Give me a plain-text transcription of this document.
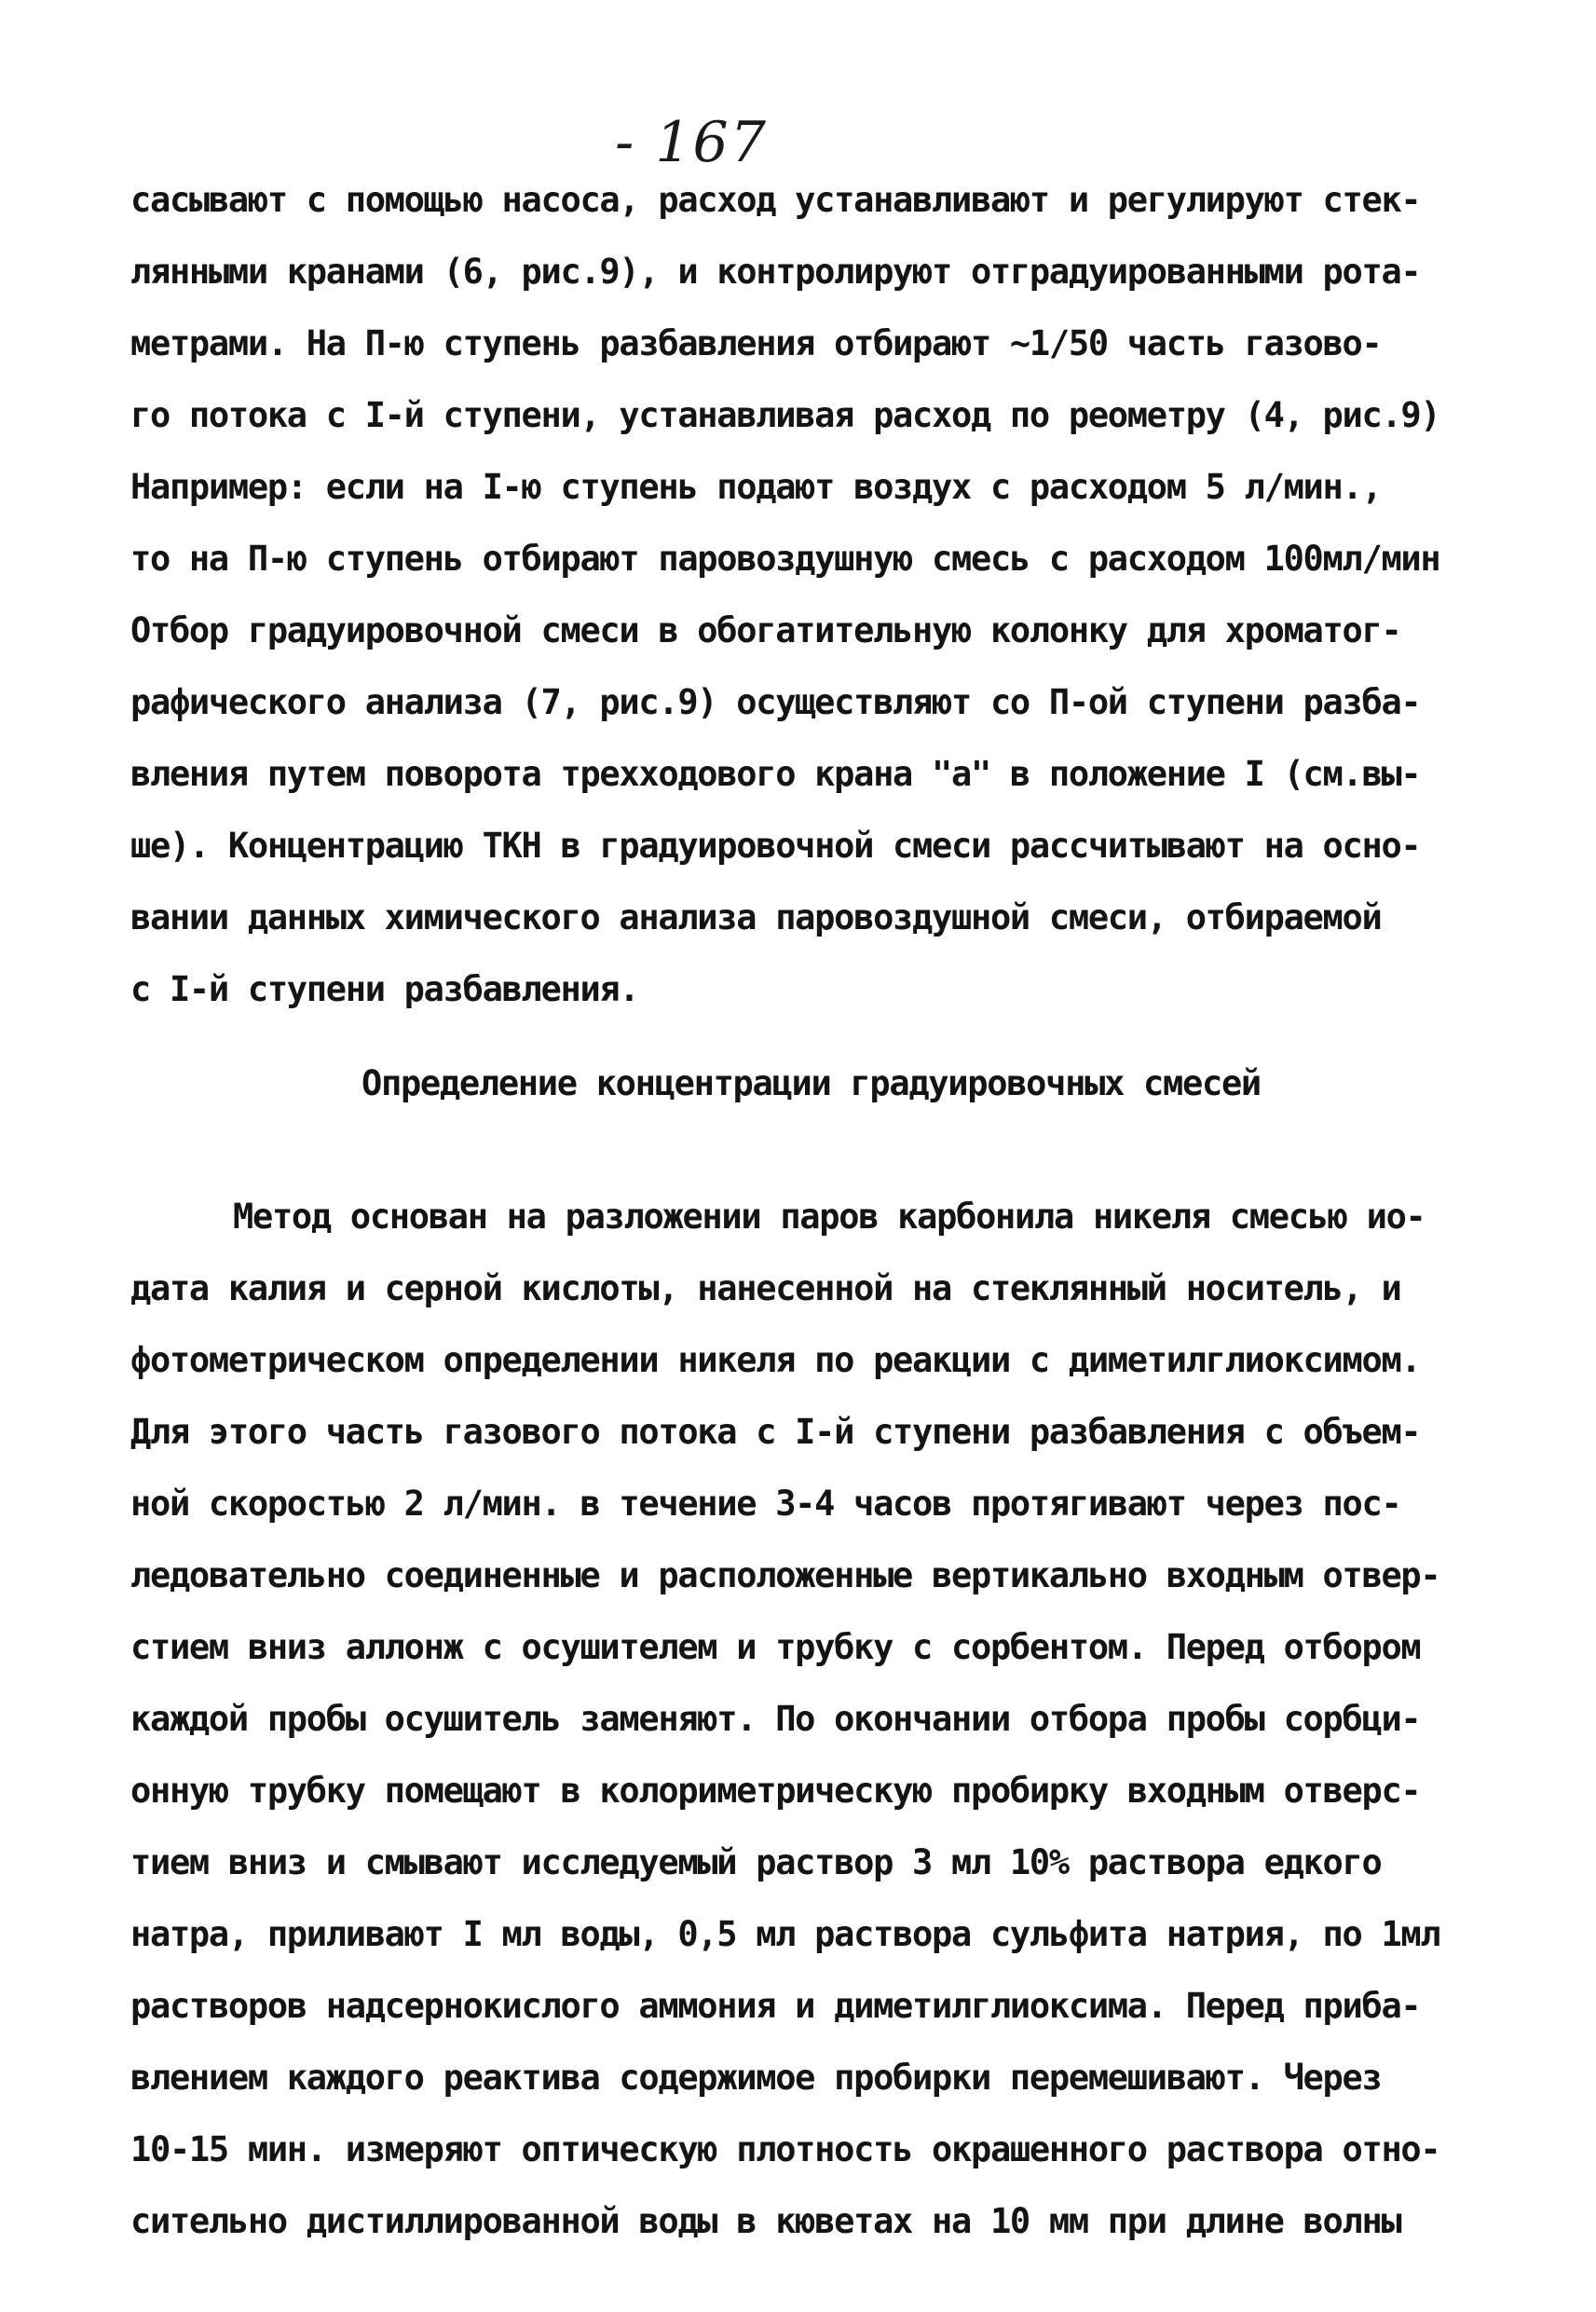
- 167
сасывают с помощью насоса, расход устанавливают и регулируют стек-
лянными кранами (6, рис.9), и контролируют отградуированными рота-
метрами. На П-ю ступень разбавления отбирают ~1/50 часть газово-
го потока с I-й ступени, устанавливая расход по реометру (4, рис.9)
Например: если на I-ю ступень подают воздух с расходом 5 л/мин.,
то на П-ю ступень отбирают паровоздушную смесь с расходом 100мл/мин
Отбор градуировочной смеси в обогатительную колонку для хроматог-
рафического анализа (7, рис.9) осуществляют со П-ой ступени разба-
вления путем поворота трехходового крана "а" в положение I (см.вы-
ше). Концентрацию ТКН в градуировочной смеси рассчитывают на осно-
вании данных химического анализа паровоздушной смеси, отбираемой
с I-й ступени разбавления.
Определение концентрации градуировочных смесей
Метод основан на разложении паров карбонила никеля смесью ио-
дата калия и серной кислоты, нанесенной на стеклянный носитель, и
фотометрическом определении никеля по реакции с диметилглиоксимом.
Для этого часть газового потока с I-й ступени разбавления с объем-
ной скоростью 2 л/мин. в течение 3-4 часов протягивают через пос-
ледовательно соединенные и расположенные вертикально входным отвер-
стием вниз аллонж с осушителем и трубку с сорбентом. Перед отбором
каждой пробы осушитель заменяют. По окончании отбора пробы сорбци-
онную трубку помещают в колориметрическую пробирку входным отверс-
тием вниз и смывают исследуемый раствор 3 мл 10% раствора едкого
натра, приливают I мл воды, 0,5 мл раствора сульфита натрия, по 1мл
растворов надсернокислого аммония и диметилглиоксима. Перед приба-
влением каждого реактива содержимое пробирки перемешивают. Через
10-15 мин. измеряют оптическую плотность окрашенного раствора отно-
сительно дистиллированной воды в кюветах на 10 мм при длине волны
